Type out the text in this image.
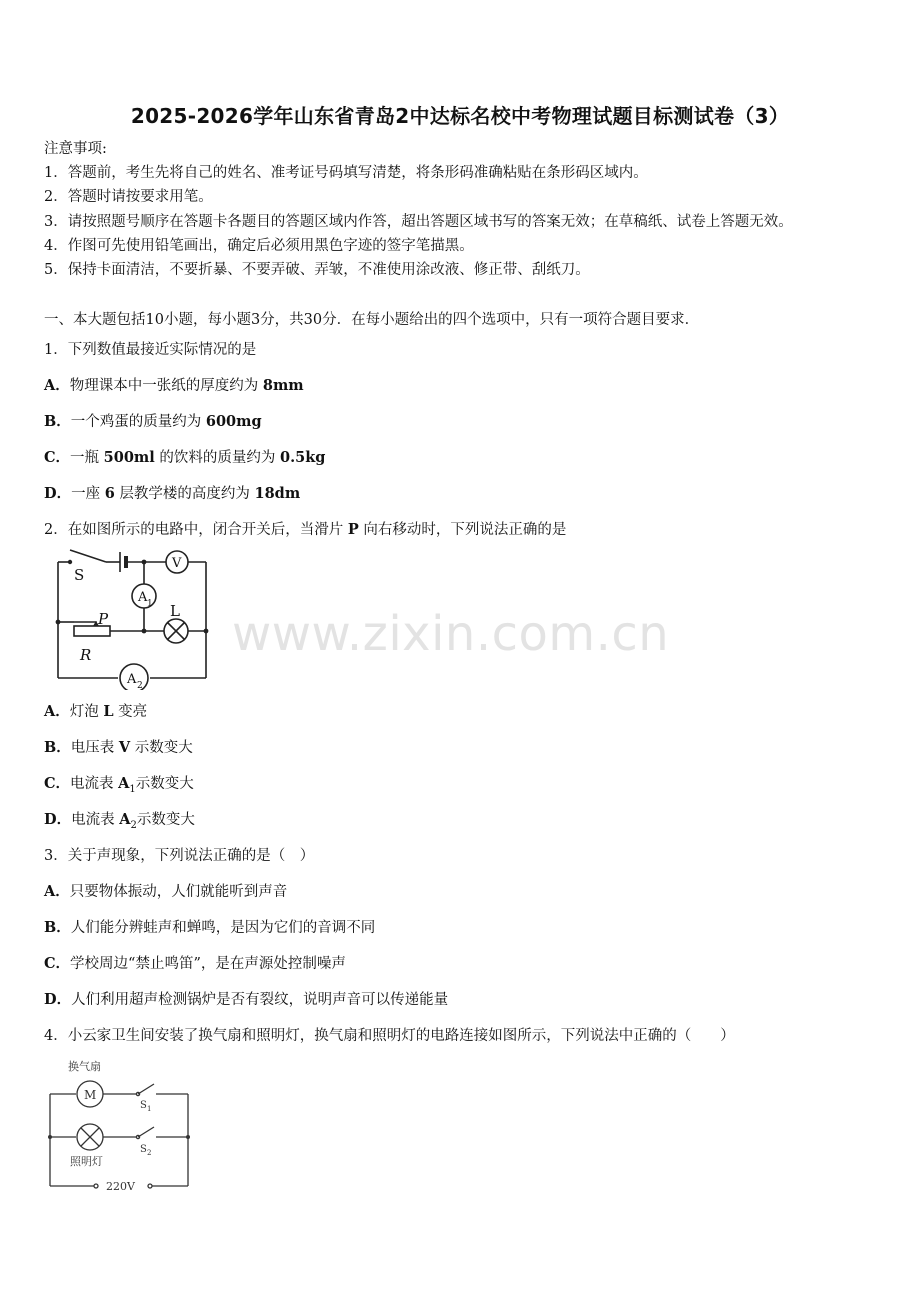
2025-2026学年山东省青岛2中达标名校中考物理试题目标测试卷（3）
注意事项:
1．答题前，考生先将自己的姓名、准考证号码填写清楚，将条形码准确粘贴在条形码区域内。
2．答题时请按要求用笔。
3．请按照题号顺序在答题卡各题目的答题区域内作答，超出答题区域书写的答案无效；在草稿纸、试卷上答题无效。
4．作图可先使用铅笔画出，确定后必须用黑色字迹的签字笔描黑。
5．保持卡面清洁，不要折暴、不要弄破、弄皱，不准使用涂改液、修正带、刮纸刀。
一、本大题包括10小题，每小题3分，共30分．在每小题给出的四个选项中，只有一项符合题目要求．
1．下列数值最接近实际情况的是
A．物理课本中一张纸的厚度约为 8mm
B．一个鸡蛋的质量约为 600mg
C．一瓶 500ml 的饮料的质量约为 0.5kg
D．一座 6 层教学楼的高度约为 18dm
2．在如图所示的电路中，闭合开关后，当滑片 P 向右移动时，下列说法正确的是
S
V
A 1
P	L
R
A 2
www.zixin.com.cn
A．灯泡 L 变亮
B．电压表 V 示数变大
C．电流表 $A_1$示数变大
D．电流表 $A_2$示数变大
3．关于声现象，下列说法正确的是（　）
A．只要物体振动，人们就能听到声音
B．人们能分辨蛙声和蝉鸣，是因为它们的音调不同
C．学校周边“禁止鸣笛”，是在声源处控制噪声
D．人们利用超声检测锅炉是否有裂纹，说明声音可以传递能量
4．小云家卫生间安装了换气扇和照明灯，换气扇和照明灯的电路连接如图所示，下列说法中正确的（　　）
换气扇
M
S 1
S 2
照明灯
220V
